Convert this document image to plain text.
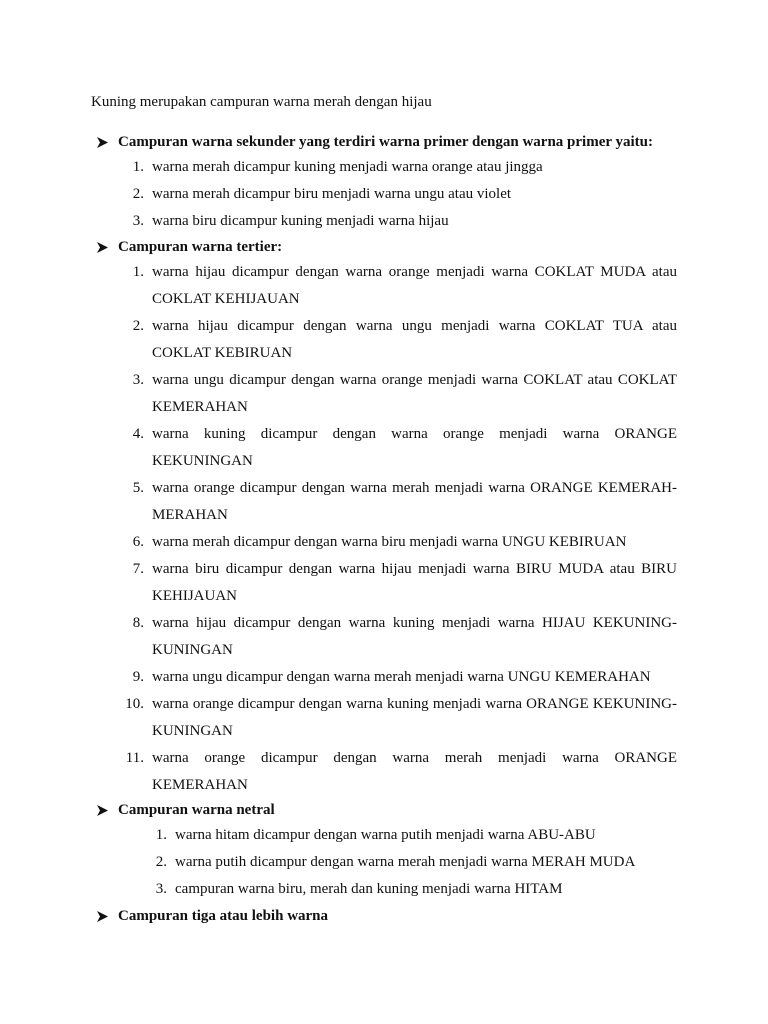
Kuning merupakan campuran warna merah dengan hijau
Campuran warna sekunder yang terdiri warna primer dengan warna primer yaitu:
1. warna merah dicampur kuning menjadi warna orange atau jingga
2. warna merah dicampur biru menjadi warna ungu atau violet
3. warna biru dicampur kuning menjadi warna hijau
Campuran warna tertier:
1. warna hijau dicampur dengan warna orange menjadi warna COKLAT MUDA atau COKLAT KEHIJAUAN
2. warna hijau dicampur dengan warna ungu menjadi warna COKLAT TUA atau COKLAT KEBIRUAN
3. warna ungu dicampur dengan warna orange menjadi warna COKLAT atau COKLAT KEMERAHAN
4. warna kuning dicampur dengan warna orange menjadi warna ORANGE KEKUNINGAN
5. warna orange dicampur dengan warna merah menjadi warna ORANGE KEMERAH-MERAHAN
6. warna merah dicampur dengan warna biru menjadi warna UNGU KEBIRUAN
7. warna biru dicampur dengan warna hijau menjadi warna BIRU MUDA atau BIRU KEHIJAUAN
8. warna hijau dicampur dengan warna kuning menjadi warna HIJAU KEKUNING-KUNINGAN
9. warna ungu dicampur dengan warna merah menjadi warna UNGU KEMERAHAN
10. warna orange dicampur dengan warna kuning menjadi warna ORANGE KEKUNING-KUNINGAN
11. warna orange dicampur dengan warna merah menjadi warna ORANGE KEMERAHAN
Campuran warna netral
1. warna hitam dicampur dengan warna putih menjadi warna ABU-ABU
2. warna putih dicampur dengan warna merah menjadi warna MERAH MUDA
3. campuran warna biru, merah dan kuning menjadi warna HITAM
Campuran tiga atau lebih warna
